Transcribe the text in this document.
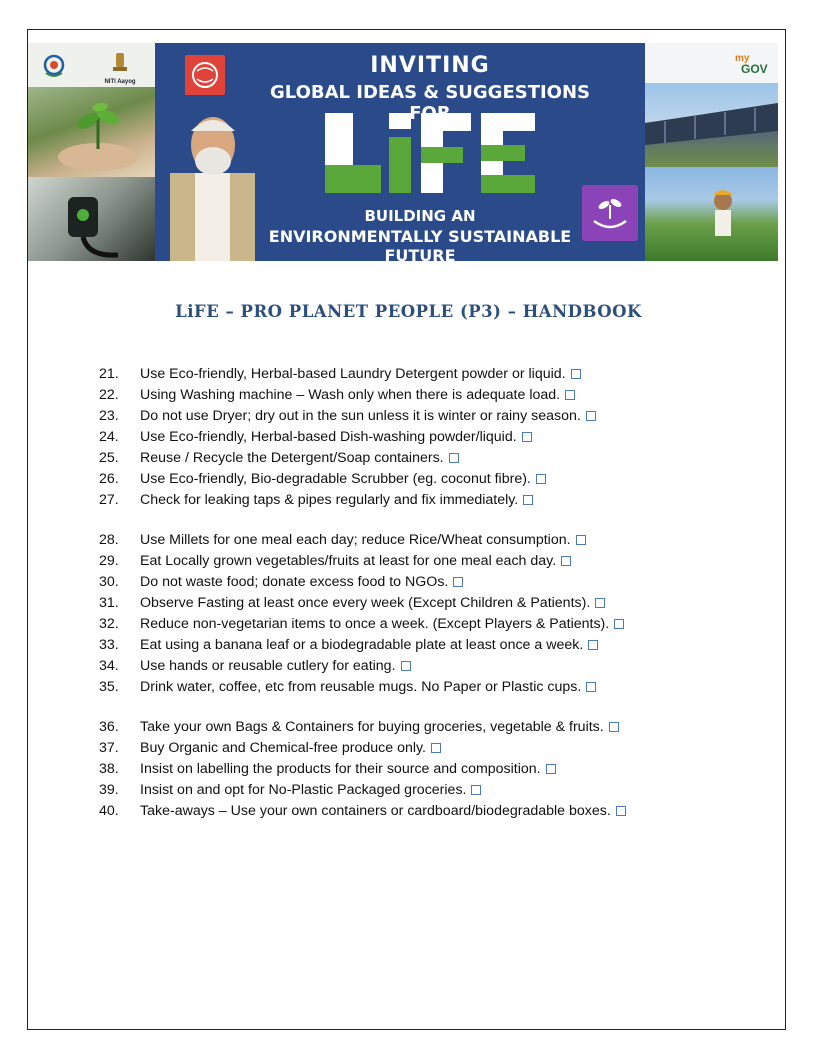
NITI Aayog
INVITING
GLOBAL IDEAS & SUGGESTIONS
BUILDING AN
ENVIRONMENTALLY SUSTAINABLE FUTURE
my
GOV
LiFE – PRO PLANET PEOPLE (P3) – HANDBOOK
21. Use Eco-friendly, Herbal-based Laundry Detergent powder or liquid.
22. Using Washing machine – Wash only when there is adequate load.
23. Do not use Dryer; dry out in the sun unless it is winter or rainy season.
24. Use Eco-friendly, Herbal-based Dish-washing powder/liquid.
25. Reuse / Recycle the Detergent/Soap containers.
26. Use Eco-friendly, Bio-degradable Scrubber (eg. coconut fibre).
27. Check for leaking taps & pipes regularly and fix immediately.
28. Use Millets for one meal each day; reduce Rice/Wheat consumption.
29. Eat Locally grown vegetables/fruits at least for one meal each day.
30. Do not waste food; donate excess food to NGOs.
31. Observe Fasting at least once every week (Except Children & Patients).
32. Reduce non-vegetarian items to once a week. (Except Players & Patients).
33. Eat using a banana leaf or a biodegradable plate at least once a week.
34. Use hands or reusable cutlery for eating.
35. Drink water, coffee, etc from reusable mugs. No Paper or Plastic cups.
36. Take your own Bags & Containers for buying groceries, vegetable & fruits.
37. Buy Organic and Chemical-free produce only.
38. Insist on labelling the products for their source and composition.
39. Insist on and opt for No-Plastic Packaged groceries.
40. Take-aways – Use your own containers or cardboard/biodegradable boxes.
